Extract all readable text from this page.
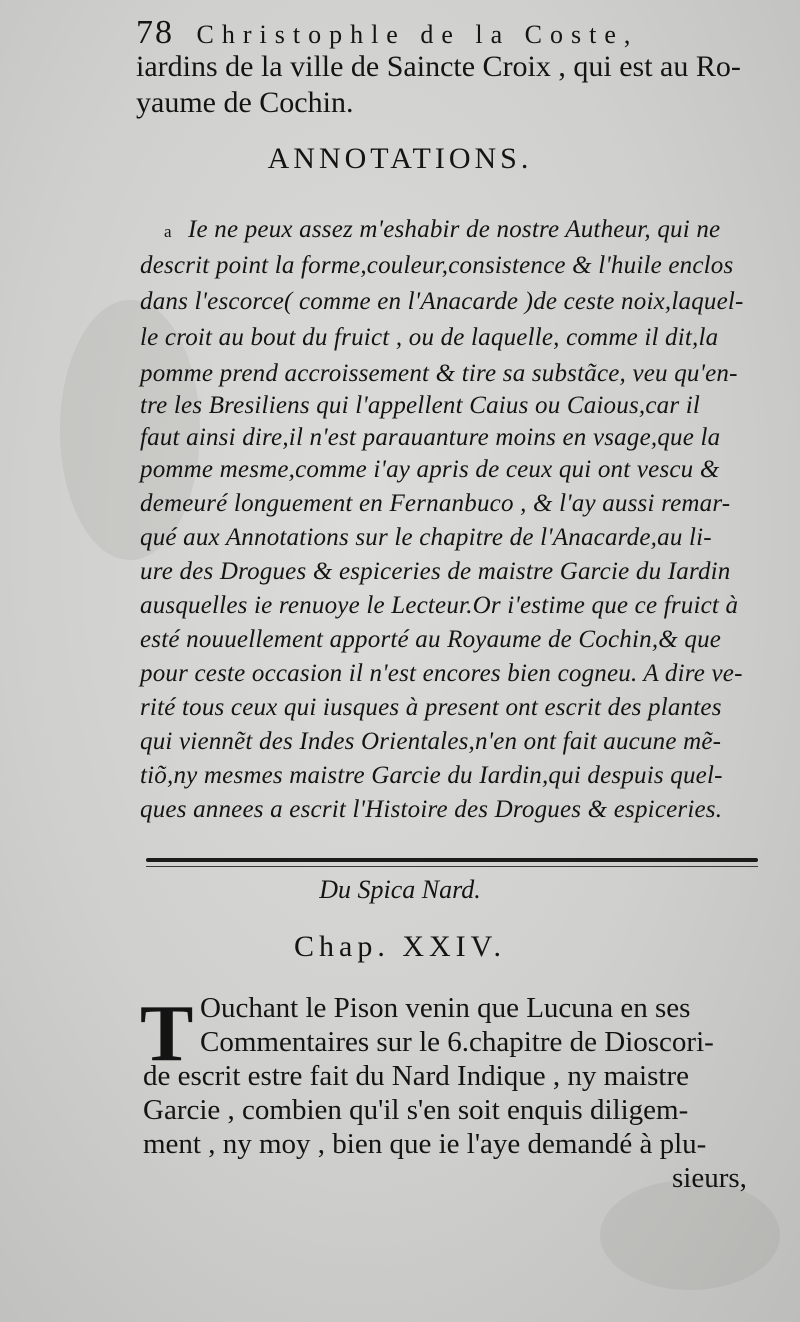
78 Christophle de la Coste,
iardins de la ville de Saincte Croix , qui est au Ro-
yaume de Cochin.
ANNOTATIONS.
a Ie ne peux assez m'eshabir de nostre Autheur, qui ne
descrit point la forme,couleur,consistence & l'huile enclos
dans l'escorce( comme en l'Anacarde )de ceste noix,laquel-
le croit au bout du fruict , ou de laquelle, comme il dit,la
pomme prend accroissement & tire sa substãce, veu qu'en-
tre les Bresiliens qui l'appellent Caius ou Caious,car il
faut ainsi dire,il n'est parauanture moins en vsage,que la
pomme mesme,comme i'ay apris de ceux qui ont vescu &
demeuré longuement en Fernanbuco , & l'ay aussi remar-
qué aux Annotations sur le chapitre de l'Anacarde,au li-
ure des Drogues & espiceries de maistre Garcie du Iardin
ausquelles ie renuoye le Lecteur.Or i'estime que ce fruict à
esté nouuellement apporté au Royaume de Cochin,& que
pour ceste occasion il n'est encores bien cogneu. A dire ve-
rité tous ceux qui iusques à present ont escrit des plantes
qui viennẽt des Indes Orientales,n'en ont fait aucune mẽ-
tiõ,ny mesmes maistre Garcie du Iardin,qui despuis quel-
ques annees a escrit l'Histoire des Drogues & espiceries.
Du Spica Nard.
Chap. XXIV.
T Ouchant le Pison venin que Lucuna en ses
Commentaires sur le 6.chapitre de Dioscori-
de escrit estre fait du Nard Indique , ny maistre
Garcie , combien qu'il s'en soit enquis diligem-
ment , ny moy , bien que ie l'aye demandé à plu-
sieurs,
